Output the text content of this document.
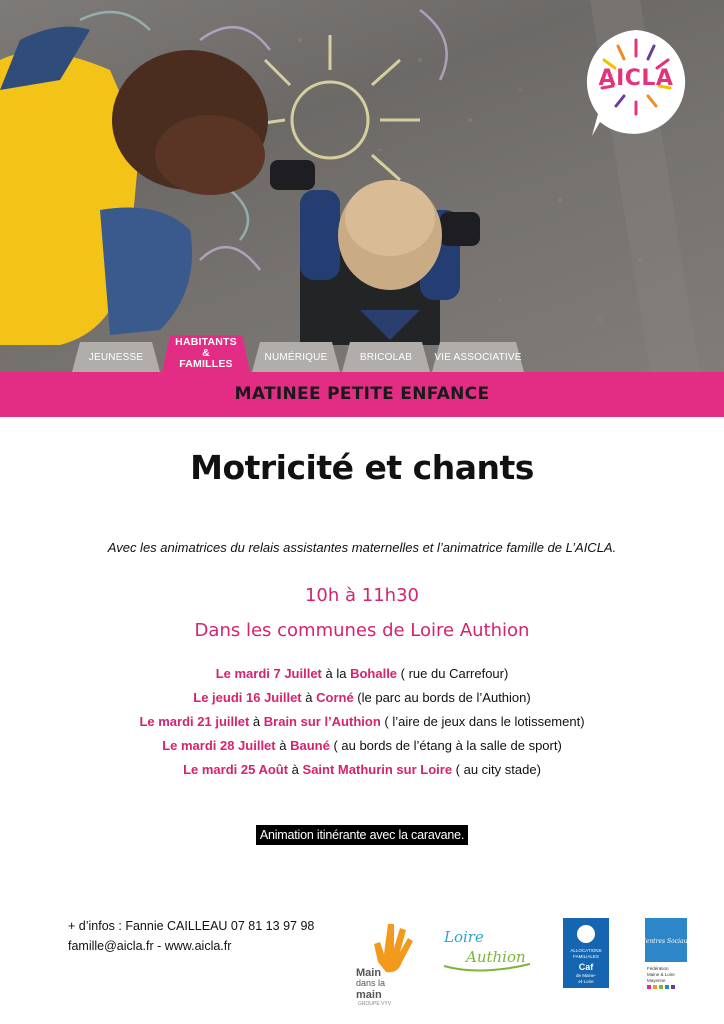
AICLA
JEUNESSE
HABITANTS & FAMILLES
NUMÉRIQUE	BRICOLAB VIE ASSOCIATIVE
MATINEE PETITE ENFANCE
Motricité et chants
Avec les animatrices du relais assistantes maternelles et l’animatrice famille de L’AICLA.
10h à 11h30
Dans les communes de Loire Authion
Le mardi 7 Juillet à la Bohalle ( rue du Carrefour)
Le jeudi 16 Juillet à Corné (le parc au bords de l’Authion)
Le mardi 21 juillet à Brain sur l’Authion ( l’aire de jeux dans le lotissement)
Le mardi 28 Juillet à Bauné ( au bords de l’étang à la salle de sport)
Le mardi 25 Août à Saint Mathurin sur Loire ( au city stade)
Animation itinérante avec la caravane.
+ d’infos : Fannie CAILLEAU 07 81 13 97 98
famille@aicla.fr - www.aicla.fr
Main
dans la
main
GROUPE VYV
Loire
Authion	ALLOCATIONS
FAMILIALES
Caf
de Maine-
et-Loire
Centres Sociaux
Fédération
Maine & Loire
Mayenne
